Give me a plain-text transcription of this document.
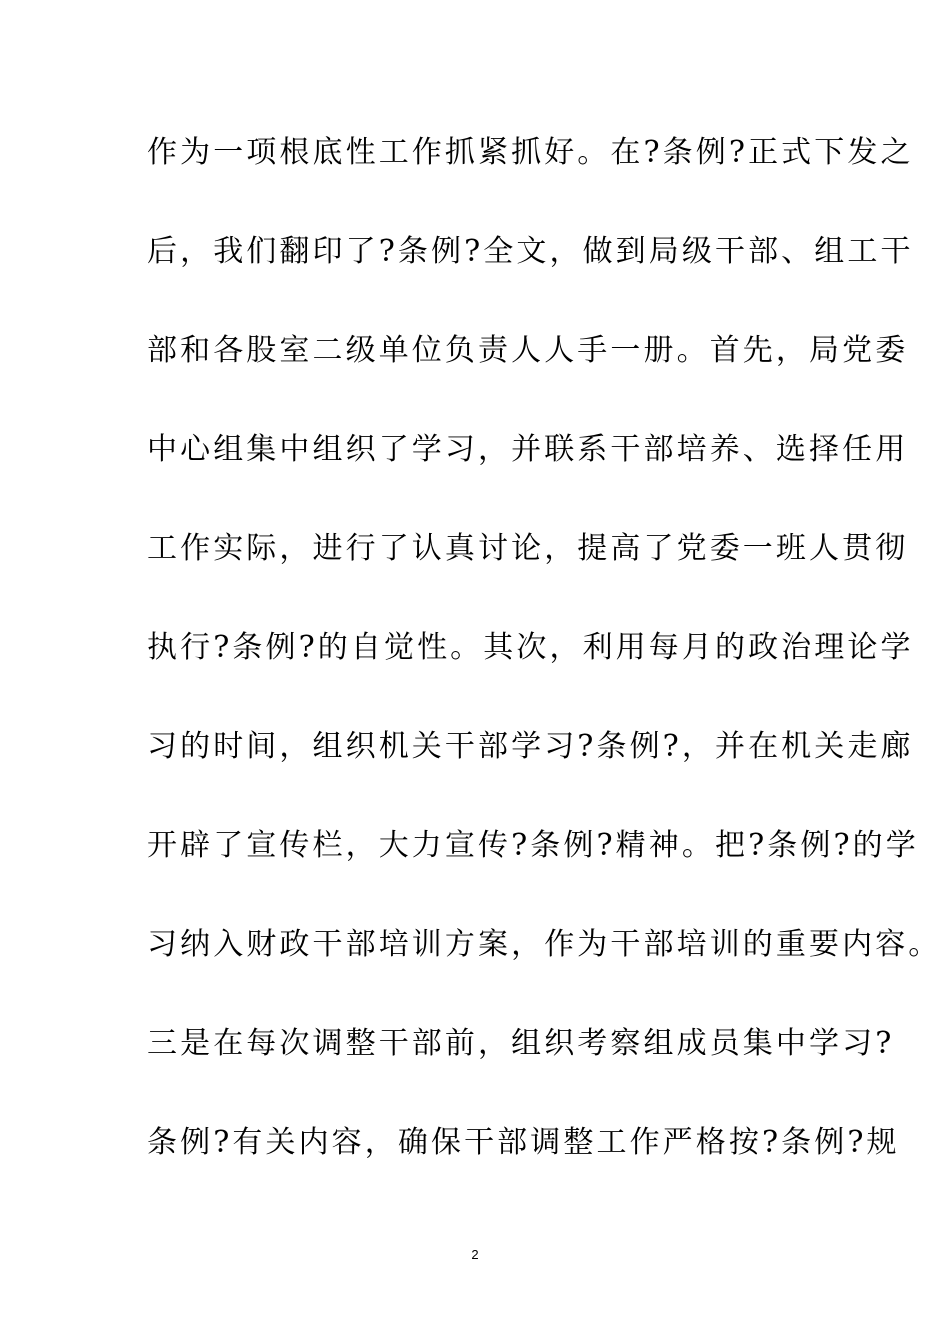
作为一项根底性工作抓紧抓好。在?条例?正式下发之
后，我们翻印了?条例?全文，做到局级干部、组工干
部和各股室二级单位负责人人手一册。首先，局党委
中心组集中组织了学习，并联系干部培养、选择任用
工作实际，进行了认真讨论，提高了党委一班人贯彻
执行?条例?的自觉性。其次，利用每月的政治理论学
习的时间，组织机关干部学习?条例?，并在机关走廊
开辟了宣传栏，大力宣传?条例?精神。把?条例?的学
习纳入财政干部培训方案，作为干部培训的重要内容。
三是在每次调整干部前，组织考察组成员集中学习?
条例?有关内容，确保干部调整工作严格按?条例?规
2
